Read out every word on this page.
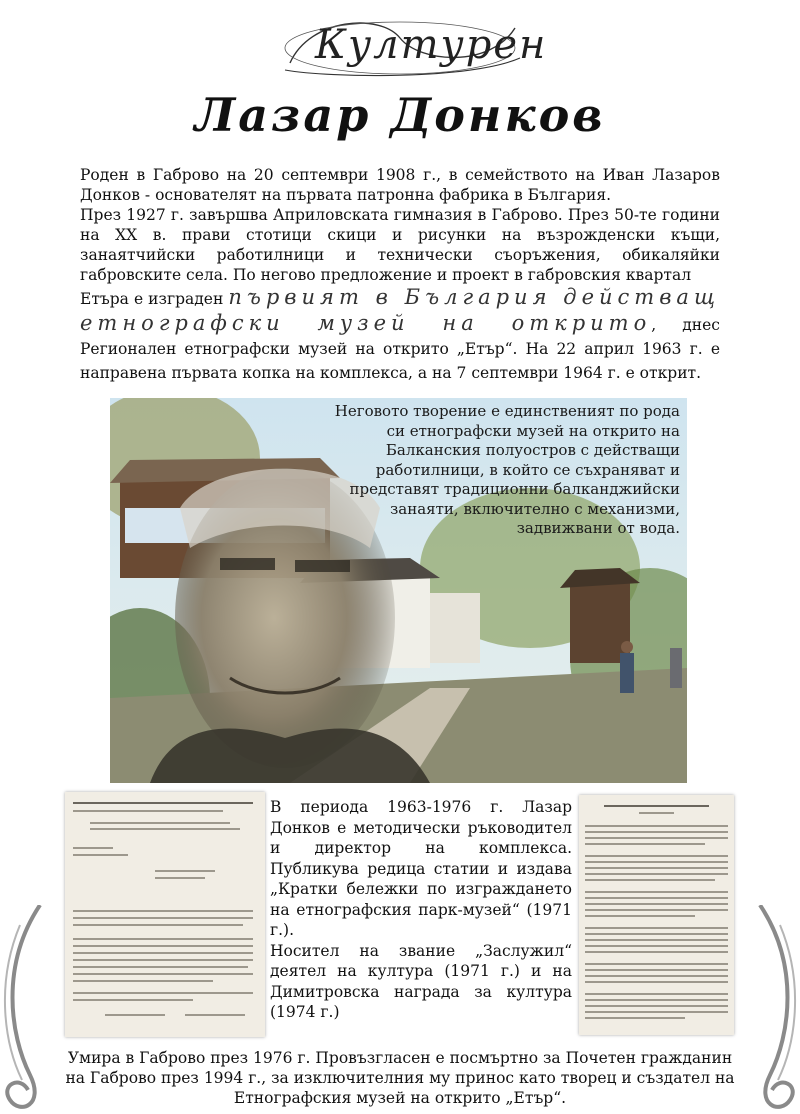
Културен
Лазар Донков

Роден в Габрово на 20 септември 1908 г., в семейството на Иван Лазаров Донков - основателят на първата патронна фабрика в България.

През 1927 г. завършва Априловската гимназия в Габрово. През 50-те години на XX в. прави стотици скици и рисунки на възрожденски къщи, занаятчийски работилници и технически съоръжения, обикаляйки габровските села. По негово предложение и проект в габровския квартал

Етъра е изграден първият в България действащ етнографски музей на открито, днес Регионален етнографски музей на открито „Етър“. На 22 април 1963 г. е направена първата копка на комплекса, а на 7 септември 1964 г. е открит.

Неговото творение е единственият по рода си етнографски музей на открито на Балканския полуостров с действащи работилници, в който се съхраняват и представят традиционни балканджийски занаяти, включително с механизми, задвижвани от вода.

В периода 1963-1976 г. Лазар Донков е методически ръководител и директор на комплекса. Публикува редица статии и издава „Кратки бележки по изграждането на етнографския парк-музей“ (1971 г.).

Носител на звание „Заслужил“ деятел на култура (1971 г.) и на Димитровска награда за култура (1974 г.)

Умира в Габрово през 1976 г. Провъзгласен е посмъртно за Почетен гражданин на Габрово през 1994 г., за изключителния му принос като творец и създател на Етнографския музей на открито „Етър“.
